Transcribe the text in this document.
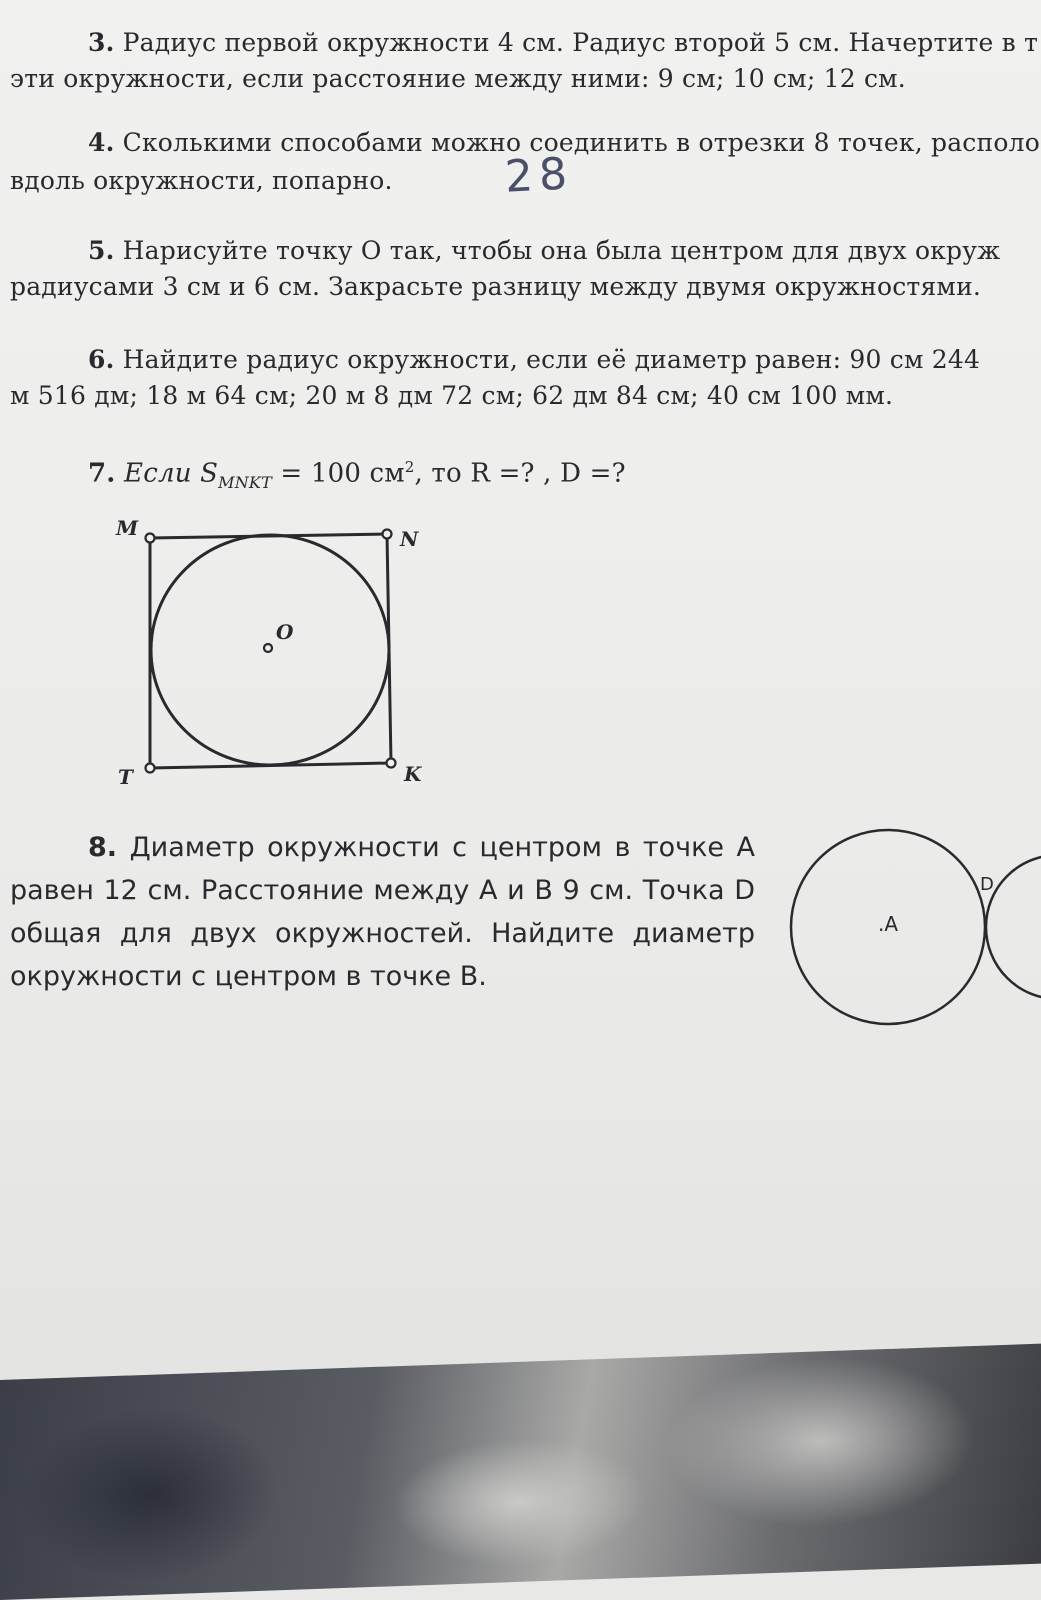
3. Радиус первой окружности 4 см. Радиус второй 5 см. Начертите в т
эти окружности, если расстояние между ними: 9 см; 10 см; 12 см.
4. Сколькими способами можно соединить в отрезки 8 точек, располо
вдоль окружности, попарно.	28
5. Нарисуйте точку O так, чтобы она была центром для двух окруж
радиусами 3 см и 6 см. Закрасьте разницу между двумя окружностями.
6. Найдите радиус окружности, если её диаметр равен: 90 см 244
м 516 дм; 18 м 64 см; 20 м 8 дм 72 см; 62 дм 84 см; 40 см 100 мм.
7. Если $S_{MNKT} = 100$ $см^2$, то R =? , D =?
M	N
T	K
O
8. Диаметр окружности с центром в точке A равен 12 см. Расстояние между A и B 9 см. Точка D общая для двух окружностей. Найдите диаметр окружности с центром в точке B.
.A
D
